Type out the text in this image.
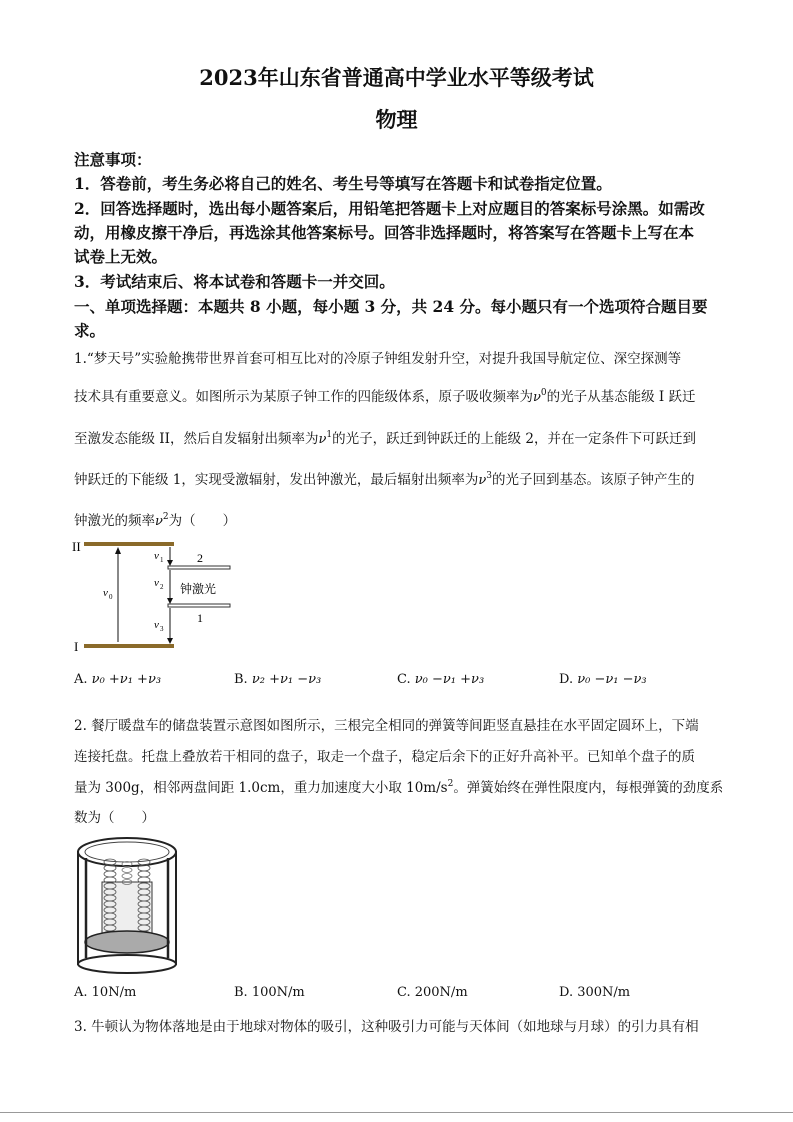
2023年山东省普通高中学业水平等级考试
物理
注意事项：
1．答卷前，考生务必将自己的姓名、考生号等填写在答题卡和试卷指定位置。
2．回答选择题时，选出每小题答案后，用铅笔把答题卡上对应题目的答案标号涂黑。如需改
动，用橡皮擦干净后，再选涂其他答案标号。回答非选择题时，将答案写在答题卡上写在本
试卷上无效。
3．考试结束后、将本试卷和答题卡一并交回。
一、单项选择题：本题共 8 小题，每小题 3 分，共 24 分。每小题只有一个选项符合题目要
求。
1.“梦天号”实验舱携带世界首套可相互比对的冷原子钟组发射升空，对提升我国导航定位、深空探测等
技术具有重要意义。如图所示为某原子钟工作的四能级体系，原子吸收频率为$\nu^0$的光子从基态能级 I 跃迁
至激发态能级 II，然后自发辐射出频率为$\nu^1$的光子，跃迁到钟跃迁的上能级 2，并在一定条件下可跃迁到
钟跃迁的下能级 1，实现受激辐射，发出钟激光，最后辐射出频率为$\nu^3$的光子回到基态。该原子钟产生的
钟激光的频率$\nu^2$为（　　）
II
I
2
1
ν 0
ν 1
ν 2 钟激光
ν 3
A. ν₀ +ν₁ +ν₃	B. ν₂ +ν₁ −ν₃	C. ν₀ −ν₁ +ν₃	D. ν₀ −ν₁ −ν₃
2. 餐厅暖盘车的储盘装置示意图如图所示，三根完全相同的弹簧等间距竖直悬挂在水平固定圆环上，下端
连接托盘。托盘上叠放若干相同的盘子，取走一个盘子，稳定后余下的正好升高补平。已知单个盘子的质
量为 300g，相邻两盘间距 1.0cm，重力加速度大小取 $10m/s^2$。弹簧始终在弹性限度内，每根弹簧的劲度系
数为（　　）
A. 10N/m	B. 100N/m	C. 200N/m	D. 300N/m
3. 牛顿认为物体落地是由于地球对物体的吸引，这种吸引力可能与天体间（如地球与月球）的引力具有相
